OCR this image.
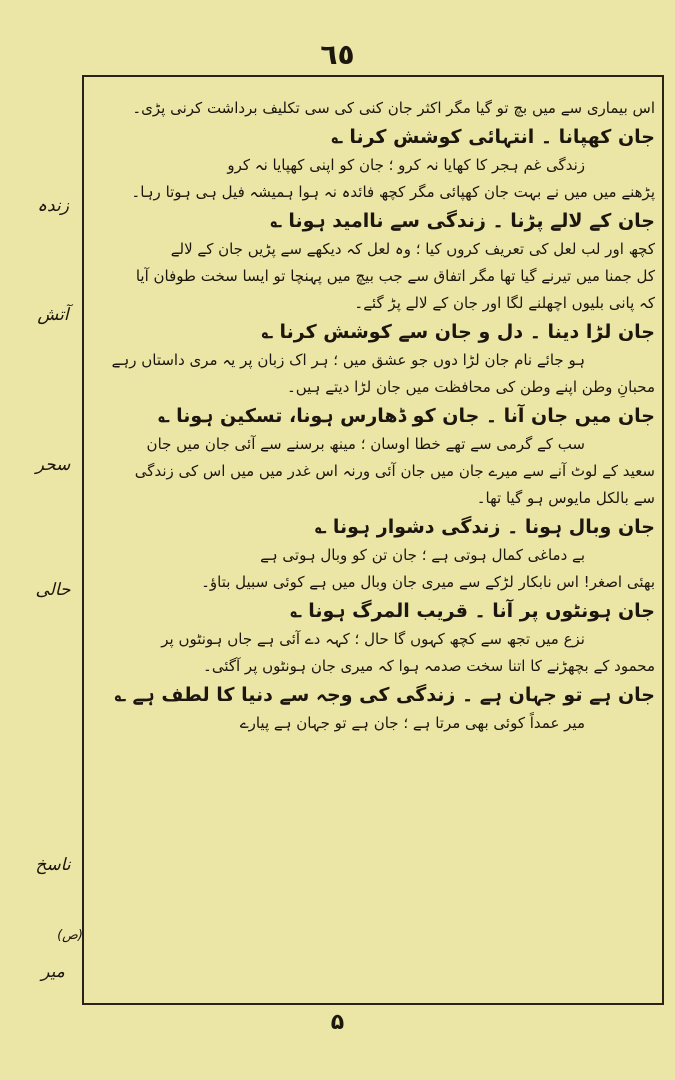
٦٥
زندہ
آتش
سحر
حالی
ناسخ
(ص)
میر

اس بیماری سے میں بچ تو گیا مگر اکثر جان کنی کی سی تکلیف برداشت کرنی پڑی۔

جان کھپانا ۔ انتہائی کوشش کرنا ؎

زندگی غم ہجر کا کھایا نہ کرو ؛ جان کو اپنی کھپایا نہ کرو

پڑھنے میں میں نے بہت جان کھپائی مگر کچھ فائدہ نہ ہوا ہمیشہ فیل ہی ہوتا رہا۔

جان کے لالے پڑنا ۔ زندگی سے ناامید ہونا ؎

کچھ اور لب لعل کی تعریف کروں کیا ؛ وہ لعل کہ دیکھے سے پڑیں جان کے لالے

کل جمنا میں تیرنے گیا تھا مگر اتفاق سے جب بیچ میں پہنچا تو ایسا سخت طوفان آیا

کہ پانی بلیوں اچھلنے لگا اور جان کے لالے پڑ گئے۔

جان لڑا دینا ۔ دل و جان سے کوشش کرنا ؎

ہو جائے نام جان لڑا دوں جو عشق میں ؛ ہر اک زبان پر یہ مری داستاں رہے

محبانِ وطن اپنے وطن کی محافظت میں جان لڑا دیتے ہیں۔

جان میں جان آنا ۔ جان کو ڈھارس ہونا، تسکین ہونا ؎

سب کے گرمی سے تھے خطا اوسان ؛ مینھ برسنے سے آئی جان میں جان

سعید کے لوٹ آنے سے میرے جان میں جان آئی ورنہ اس غدر میں میں اس کی زندگی

سے بالکل مایوس ہو گیا تھا۔

جان وبال ہونا ۔ زندگی دشوار ہونا ؎

بے دماغی کمال ہوتی ہے ؛ جان تن کو وبال ہوتی ہے

بھئی اصغر! اس نابکار لڑکے سے میری جان وبال میں ہے کوئی سبیل بتاؤ۔

جان ہونٹوں پر آنا ۔ قریب المرگ ہونا ؎

نزع میں تجھ سے کچھ کہوں گا حال ؛ کہہ دے آئی ہے جاں ہونٹوں پر

محمود کے بچھڑنے کا اتنا سخت صدمہ ہوا کہ میری جان ہونٹوں پر آگئی۔

جان ہے تو جہان ہے ۔ زندگی کی وجہ سے دنیا کا لطف ہے ؎

میر عمداً کوئی بھی مرتا ہے ؛ جان ہے تو جہان ہے پیارے

۵
